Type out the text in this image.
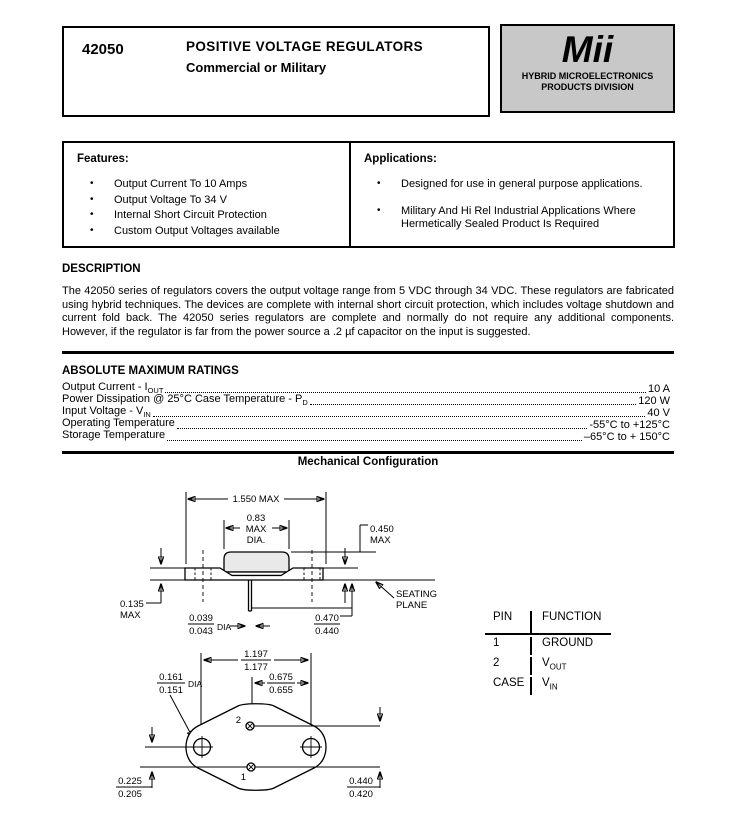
42050	POSITIVE VOLTAGE REGULATORS
Commercial or Military	Mii
HYBRID MICROELECTRONICS
PRODUCTS DIVISION
Features:
•	Output Current To 10 Amps
•	Output Voltage To 34 V
•	Internal Short Circuit Protection
•	Custom Output Voltages available
Applications:
•	Designed for use in general purpose applications.
•	Military And Hi Rel Industrial Applications Where Hermetically Sealed Product Is Required
DESCRIPTION

The 42050 series of regulators covers the output voltage range from 5 VDC through 34 VDC. These regulators are fabricated using hybrid techniques. The devices are complete with internal short circuit protection, which includes voltage shutdown and current fold back. The 42050 series regulators are complete and normally do not require any additional components. However, if the regulator is far from the power source a .2 µf capacitor on the input is suggested.

ABSOLUTE MAXIMUM RATINGS
Output Current - $I_{OUT}$	10 A
Power Dissipation @ 25°C Case Temperature - $P_D$	120 W
Input Voltage - $V_{IN}$	40 V
Operating Temperature	-55°C to +125°C
Storage Temperature	–65°C to + 150°C
Mechanical Configuration
1.550 MAX
0.83
MAX
DIA.
0.450
MAX
0.135
MAX
SEATING
PLANE
0.039
0.043 DIA
0.470
0.440
1.197
1.177
0.675
0.655
0.161
0.151
DIA
2
1
0.225
0.205
0.440
0.420
PIN	FUNCTION
1	GROUND
2	$V_{OUT}$
CASE	$V_{IN}$
